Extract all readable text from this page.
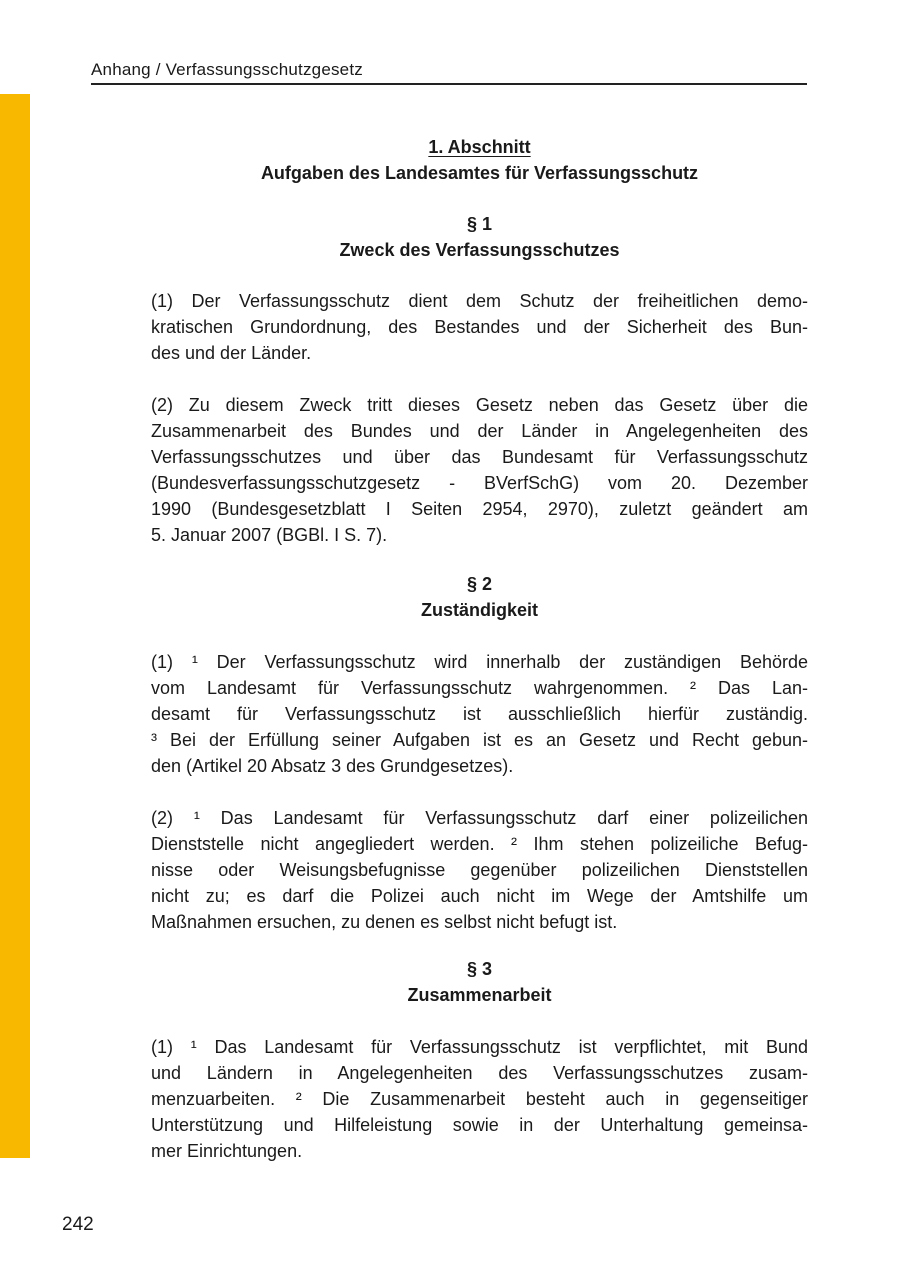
Anhang / Verfassungsschutzgesetz
1. Abschnitt
Aufgaben des Landesamtes für Verfassungsschutz
§ 1
Zweck des Verfassungsschutzes
(1) Der Verfassungsschutz dient dem Schutz der freiheitlichen demo-
kratischen Grundordnung, des Bestandes und der Sicherheit des Bun-
des und der Länder.
(2) Zu diesem Zweck tritt dieses Gesetz neben das Gesetz über die
Zusammenarbeit des Bundes und der Länder in Angelegenheiten des
Verfassungsschutzes und über das Bundesamt für Verfassungsschutz
(Bundesverfassungsschutzgesetz - BVerfSchG) vom 20. Dezember
1990 (Bundesgesetzblatt I Seiten 2954, 2970), zuletzt geändert am
5. Januar 2007 (BGBl. I S. 7).
§ 2
Zuständigkeit
(1) ¹ Der Verfassungsschutz wird innerhalb der zuständigen Behörde
vom Landesamt für Verfassungsschutz wahrgenommen. ² Das Lan-
desamt für Verfassungsschutz ist ausschließlich hierfür zuständig.
³ Bei der Erfüllung seiner Aufgaben ist es an Gesetz und Recht gebun-
den (Artikel 20 Absatz 3 des Grundgesetzes).
(2) ¹ Das Landesamt für Verfassungsschutz darf einer polizeilichen
Dienststelle nicht angegliedert werden. ² Ihm stehen polizeiliche Befug-
nisse oder Weisungsbefugnisse gegenüber polizeilichen Dienststellen
nicht zu; es darf die Polizei auch nicht im Wege der Amtshilfe um
Maßnahmen ersuchen, zu denen es selbst nicht befugt ist.
§ 3
Zusammenarbeit
(1) ¹ Das Landesamt für Verfassungsschutz ist verpflichtet, mit Bund
und Ländern in Angelegenheiten des Verfassungsschutzes zusam-
menzuarbeiten. ² Die Zusammenarbeit besteht auch in gegenseitiger
Unterstützung und Hilfeleistung sowie in der Unterhaltung gemeinsa-
mer Einrichtungen.
242
